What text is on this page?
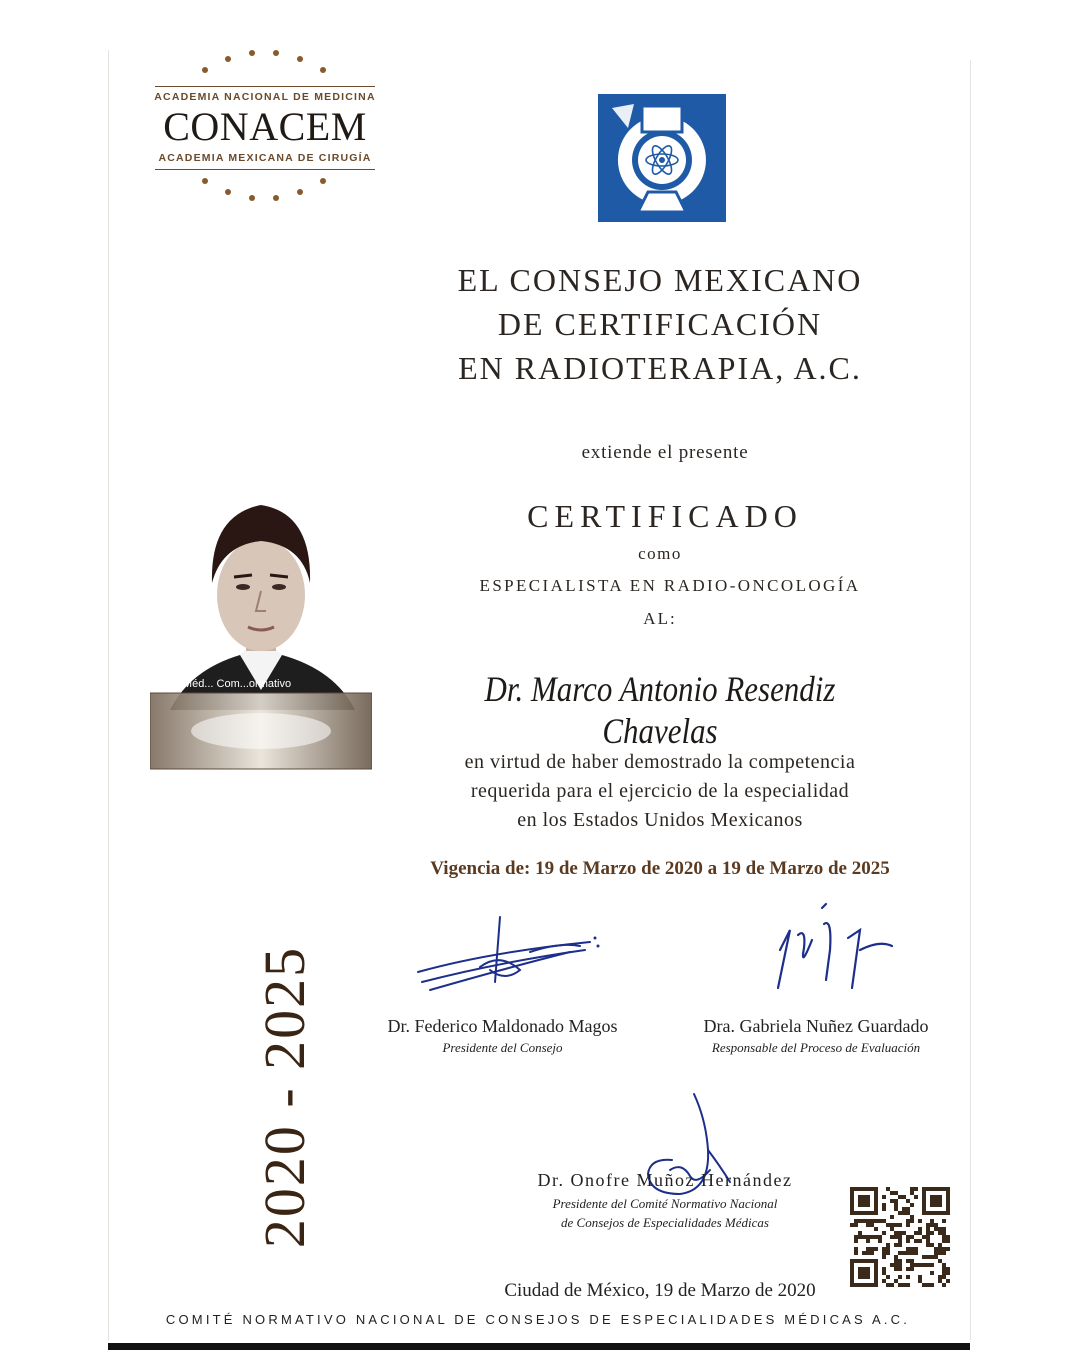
ACADEMIA NACIONAL DE MEDICINA
CONACEM
ACADEMIA MEXICANA DE CIRUGÍA
EL CONSEJO MEXICANO
DE CERTIFICACIÓN
EN RADIOTERAPIA, A.C.
extiende el presente
CERTIFICADO
como
ESPECIALISTA EN RADIO-ONCOLOGÍA
AL:
Dr. Marco Antonio Resendiz Chavelas
en virtud de haber demostrado la competencia
requerida para el ejercicio de la especialidad
en los Estados Unidos Mexicanos
Vigencia de: 19 de Marzo de 2020 a 19 de Marzo de 2025
2020 - 2025
ades Méd... Com...ormativo
Dr. Federico Maldonado Magos
Presidente del Consejo
Dra. Gabriela Nuñez Guardado
Responsable del Proceso de Evaluación
Dr. Onofre Muñoz Hernández
Presidente del Comité Normativo Nacional
de Consejos de Especialidades Médicas
Ciudad de México, 19 de Marzo de 2020
COMITÉ NORMATIVO NACIONAL DE CONSEJOS DE ESPECIALIDADES MÉDICAS A.C.
